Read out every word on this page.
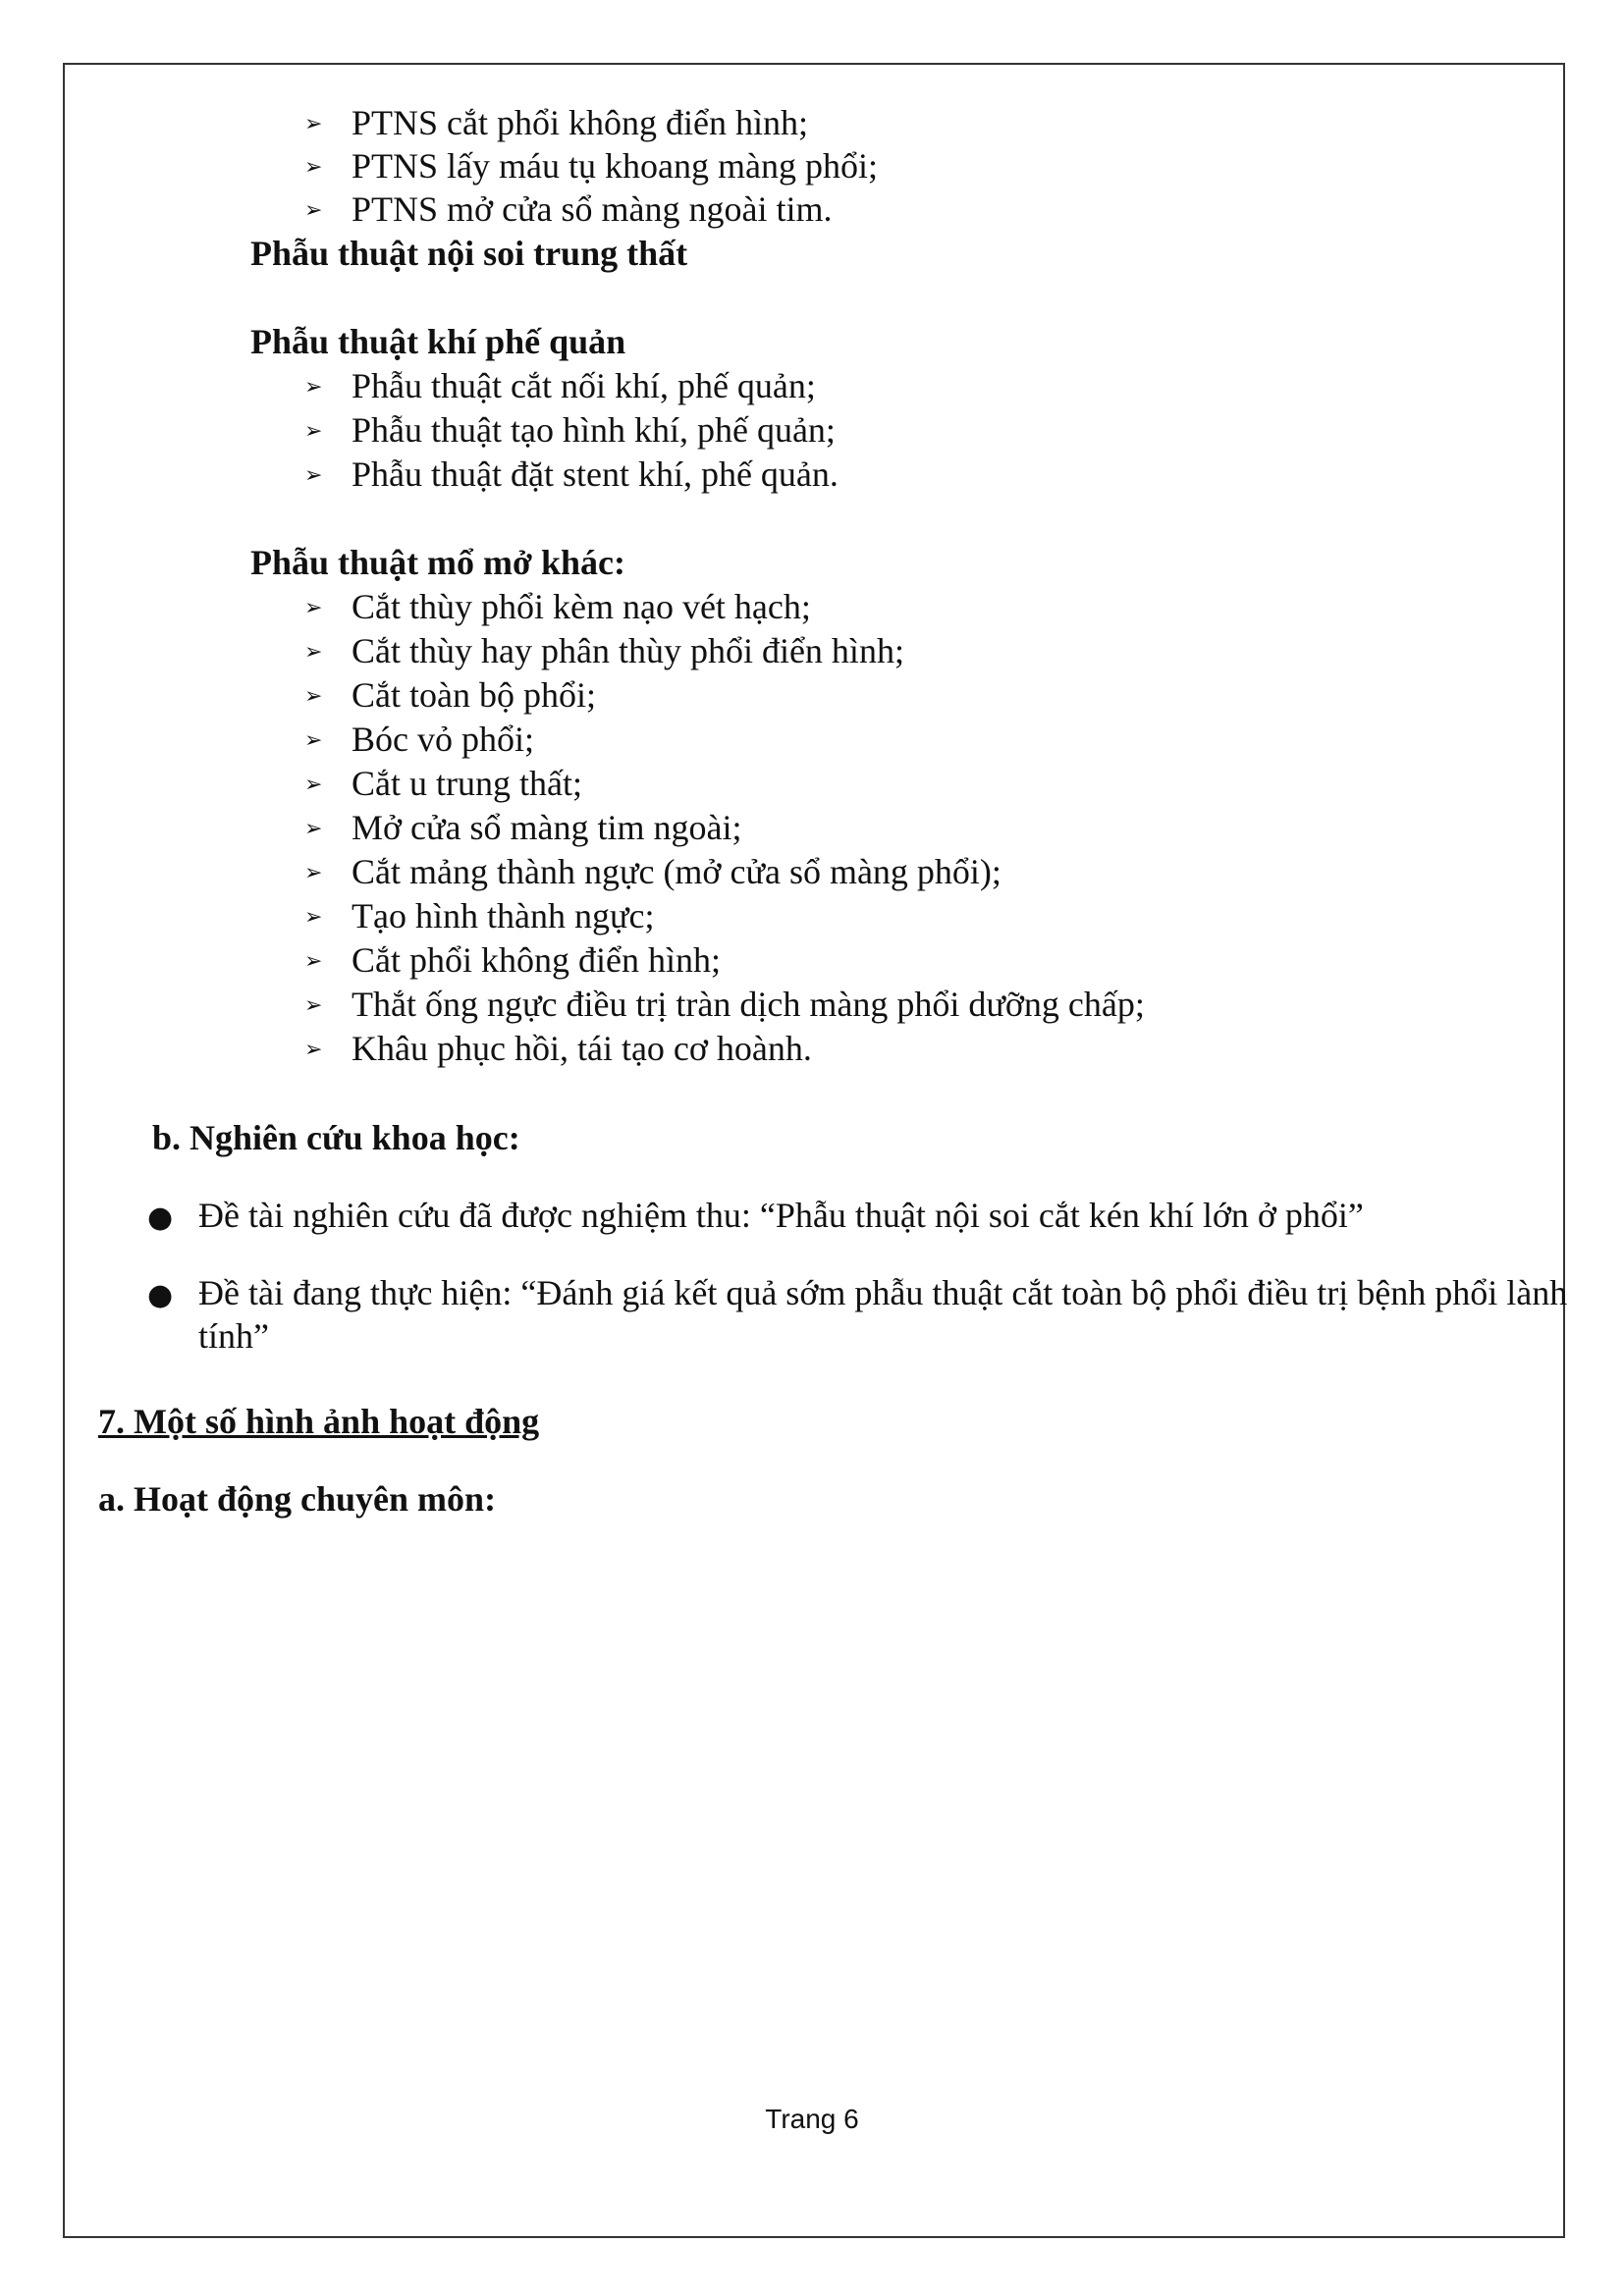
➢ PTNS cắt phổi không điển hình;
➢ PTNS lấy máu tụ khoang màng phổi;
➢ PTNS mở cửa sổ màng ngoài tim.
Phẫu thuật nội soi trung thất
Phẫu thuật khí phế quản
➢ Phẫu thuật cắt nối khí, phế quản;
➢ Phẫu thuật tạo hình khí, phế quản;
➢ Phẫu thuật đặt stent khí, phế quản.
Phẫu thuật mổ mở khác:
➢ Cắt thùy phổi kèm nạo vét hạch;
➢ Cắt thùy hay phân thùy phổi điển hình;
➢ Cắt toàn bộ phổi;
➢ Bóc vỏ phổi;
➢ Cắt u trung thất;
➢ Mở cửa sổ màng tim ngoài;
➢ Cắt mảng thành ngực (mở cửa sổ màng phổi);
➢ Tạo hình thành ngực;
➢ Cắt phổi không điển hình;
➢ Thắt ống ngực điều trị tràn dịch màng phổi dưỡng chấp;
➢ Khâu phục hồi, tái tạo cơ hoành.
b. Nghiên cứu khoa học:
● Đề tài nghiên cứu đã được nghiệm thu: “Phẫu thuật nội soi cắt kén khí lớn ở phổi”
● Đề tài đang thực hiện: “Đánh giá kết quả sớm phẫu thuật cắt toàn bộ phổi điều trị bệnh phổi lành tính”
7. Một số hình ảnh hoạt động
a. Hoạt động chuyên môn:
Trang 6
